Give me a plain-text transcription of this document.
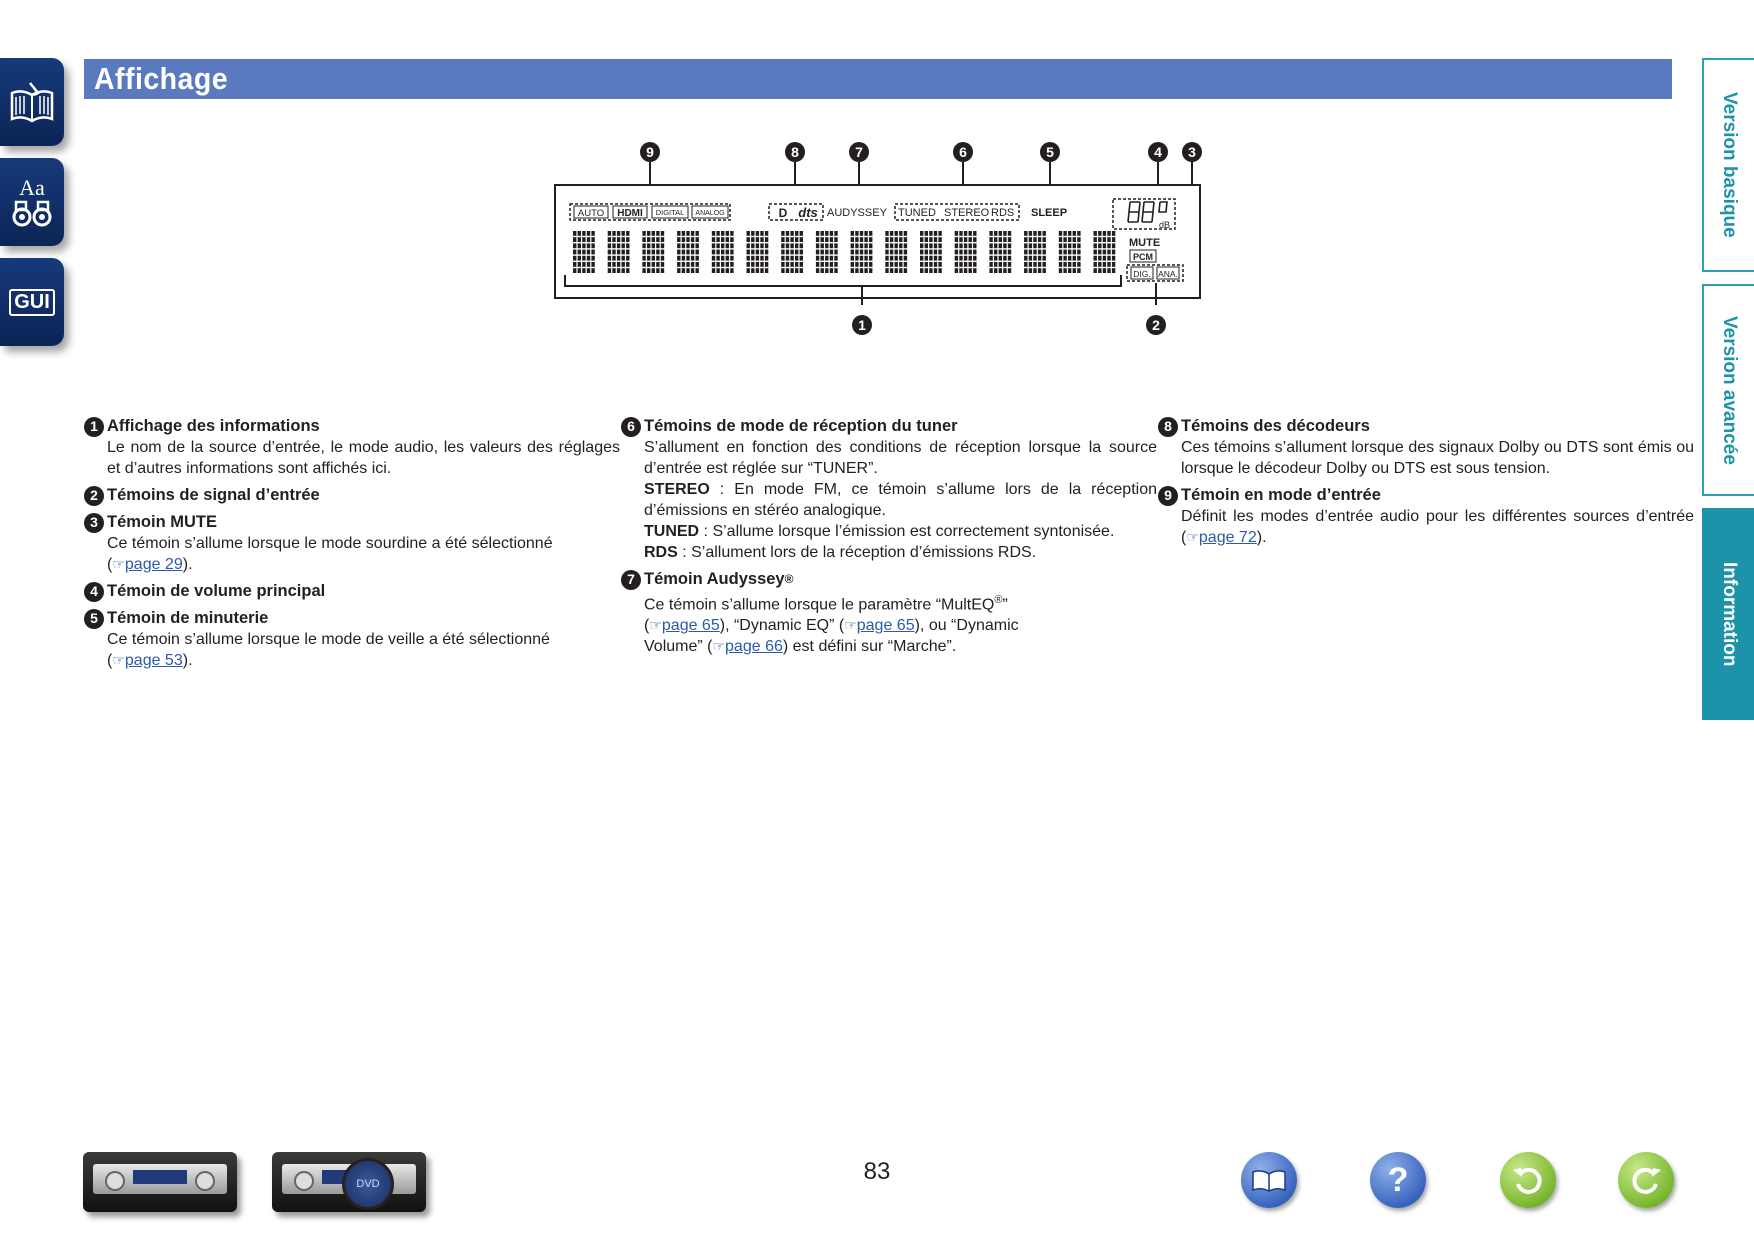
Aa
GUI
Affichage
Version basique
Version avancée
Information
9	8	7	6	5	4 3
AUTO HDMI DIGITAL ANALOG	D dts AUDYSSEY TUNED STEREO RDS SLEEP
dB
MUTE
PCM
DIG. ANA.
1	2
1 Affichage des informations
Le nom de la source d’entrée, le mode audio, les valeurs des réglages et d’autres informations sont affichés ici.
2 Témoins de signal d’entrée
3 Témoin MUTE
Ce témoin s’allume lorsque le mode sourdine a été sélectionné
(☞page 29).
4 Témoin de volume principal
5 Témoin de minuterie
Ce témoin s’allume lorsque le mode de veille a été sélectionné
(☞page 53).
6 Témoins de mode de réception du tuner
S’allument en fonction des conditions de réception lorsque la source d’entrée est réglée sur “TUNER”.
STEREO : En mode FM, ce témoin s’allume lors de la réception d’émissions en stéréo analogique.
TUNED : S’allume lorsque l’émission est correctement syntonisée.
RDS : S’allument lors de la réception d’émissions RDS.
7 Témoin Audyssey ®
Ce témoin s’allume lorsque le paramètre “MultEQ®”
(☞page 65), “Dynamic EQ” (☞page 65), ou “Dynamic
Volume” (☞page 66) est défini sur “Marche”.
8 Témoins des décodeurs
Ces témoins s’allument lorsque des signaux Dolby ou DTS sont émis ou lorsque le décodeur Dolby ou DTS est sous tension.
9 Témoin en mode d’entrée
Définit les modes d’entrée audio pour les différentes sources d’entrée (☞page 72).
DVD	83	?
